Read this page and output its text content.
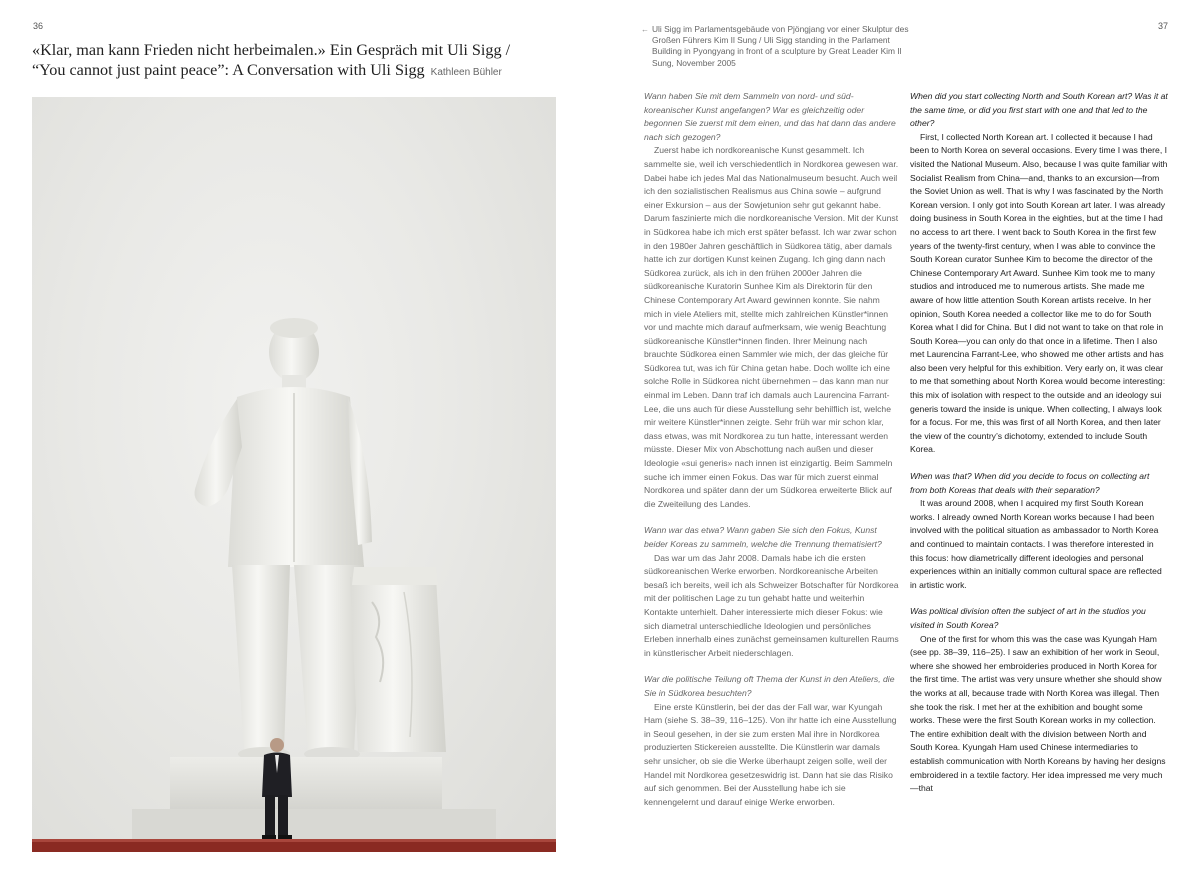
36
«Klar, man kann Frieden nicht herbeimalen.» Ein Gespräch mit Uli Sigg /
“You cannot just paint peace”: A Conversation with Uli Sigg Kathleen Bühler
37
← Uli Sigg im Parlamentsgebäude von Pjöngjang vor einer Skulptur des Großen Führers Kim Il Sung / Uli Sigg standing in the Parlament Building in Pyongyang in front of a sculpture by Great Leader Kim Il Sung, November 2005

Wann haben Sie mit dem Sammeln von nord- und südkoreanischer Kunst angefangen? War es gleichzeitig oder begonnen Sie zuerst mit dem einen, und das hat dann das andere nach sich gezogen?

Zuerst habe ich nordkoreanische Kunst gesammelt. Ich sammelte sie, weil ich verschiedentlich in Nordkorea gewesen war. Dabei habe ich jedes Mal das Nationalmuseum besucht. Auch weil ich den sozialistischen Realismus aus China sowie – aufgrund einer Exkursion – aus der Sowjetunion sehr gut gekannt habe. Darum faszinierte mich die nordkoreanische Version. Mit der Kunst in Südkorea habe ich mich erst später befasst. Ich war zwar schon in den 1980er Jahren geschäftlich in Südkorea tätig, aber damals hatte ich zur dortigen Kunst keinen Zugang. Ich ging dann nach Südkorea zurück, als ich in den frühen 2000er Jahren die südkoreanische Kuratorin Sunhee Kim als Direktorin für den Chinese Contemporary Art Award gewinnen konnte. Sie nahm mich in viele Ateliers mit, stellte mich zahlreichen Künstler*innen vor und machte mich darauf aufmerksam, wie wenig Beachtung südkoreanische Künstler*innen finden. Ihrer Meinung nach brauchte Südkorea einen Sammler wie mich, der das gleiche für Südkorea tut, was ich für China getan habe. Doch wollte ich eine solche Rolle in Südkorea nicht übernehmen – das kann man nur einmal im Leben. Dann traf ich damals auch Laurencina Farrant-Lee, die uns auch für diese Ausstellung sehr behilflich ist, welche mir weitere Künstler*innen zeigte. Sehr früh war mir schon klar, dass etwas, was mit Nordkorea zu tun hatte, interessant werden müsste. Dieser Mix von Abschottung nach außen und dieser Ideologie «sui generis» nach innen ist einzigartig. Beim Sammeln suche ich immer einen Fokus. Das war für mich zuerst einmal Nordkorea und später dann der um Südkorea erweiterte Blick auf die Zweiteilung des Landes.

Wann war das etwa? Wann gaben Sie sich den Fokus, Kunst beider Koreas zu sammeln, welche die Trennung thematisiert?

Das war um das Jahr 2008. Damals habe ich die ersten südkoreanischen Werke erworben. Nordkoreanische Arbeiten besaß ich bereits, weil ich als Schweizer Botschafter für Nordkorea mit der politischen Lage zu tun gehabt hatte und weiterhin Kontakte unterhielt. Daher interessierte mich dieser Fokus: wie sich diametral unterschiedliche Ideologien und persönliches Erleben innerhalb eines zunächst gemeinsamen kulturellen Raums in künstlerischer Arbeit niederschlagen.

War die politische Teilung oft Thema der Kunst in den Ateliers, die Sie in Südkorea besuchten?

Eine erste Künstlerin, bei der das der Fall war, war Kyungah Ham (siehe S. 38–39, 116–125). Von ihr hatte ich eine Ausstellung in Seoul gesehen, in der sie zum ersten Mal ihre in Nordkorea produzierten Stickereien ausstellte. Die Künstlerin war damals sehr unsicher, ob sie die Werke überhaupt zeigen solle, weil der Handel mit Nordkorea gesetzeswidrig ist. Dann hat sie das Risiko auf sich genommen. Bei der Ausstellung habe ich sie kennengelernt und darauf einige Werke erworben.

When did you start collecting North and South Korean art? Was it at the same time, or did you first start with one and that led to the other?

First, I collected North Korean art. I collected it because I had been to North Korea on several occasions. Every time I was there, I visited the National Museum. Also, because I was quite familiar with Socialist Realism from China—and, thanks to an excursion—from the Soviet Union as well. That is why I was fascinated by the North Korean version. I only got into South Korean art later. I was already doing business in South Korea in the eighties, but at the time I had no access to art there. I went back to South Korea in the first few years of the twenty-first century, when I was able to convince the South Korean curator Sunhee Kim to become the director of the Chinese Contemporary Art Award. Sunhee Kim took me to many studios and introduced me to numerous artists. She made me aware of how little attention South Korean artists receive. In her opinion, South Korea needed a collector like me to do for South Korea what I did for China. But I did not want to take on that role in South Korea—you can only do that once in a lifetime. Then I also met Laurencina Farrant-Lee, who showed me other artists and has also been very helpful for this exhibition. Very early on, it was clear to me that something about North Korea would become interesting: this mix of isolation with respect to the outside and an ideology sui generis toward the inside is unique. When collecting, I always look for a focus. For me, this was first of all North Korea, and then later the view of the country’s dichotomy, extended to include South Korea.

When was that? When did you decide to focus on collecting art from both Koreas that deals with their separation?

It was around 2008, when I acquired my first South Korean works. I already owned North Korean works because I had been involved with the political situation as ambassador to North Korea and continued to maintain contacts. I was therefore interested in this focus: how diametrically different ideologies and personal experiences within an initially common cultural space are reflected in artistic work.

Was political division often the subject of art in the studios you visited in South Korea?

One of the first for whom this was the case was Kyungah Ham (see pp. 38–39, 116–25). I saw an exhibition of her work in Seoul, where she showed her embroideries produced in North Korea for the first time. The artist was very unsure whether she should show the works at all, because trade with North Korea was illegal. Then she took the risk. I met her at the exhibition and bought some works. These were the first South Korean works in my collection. The entire exhibition dealt with the division between North and South Korea. Kyungah Ham used Chinese intermediaries to establish communication with North Koreans by having her designs embroidered in a textile factory. Her idea impressed me very much—that
